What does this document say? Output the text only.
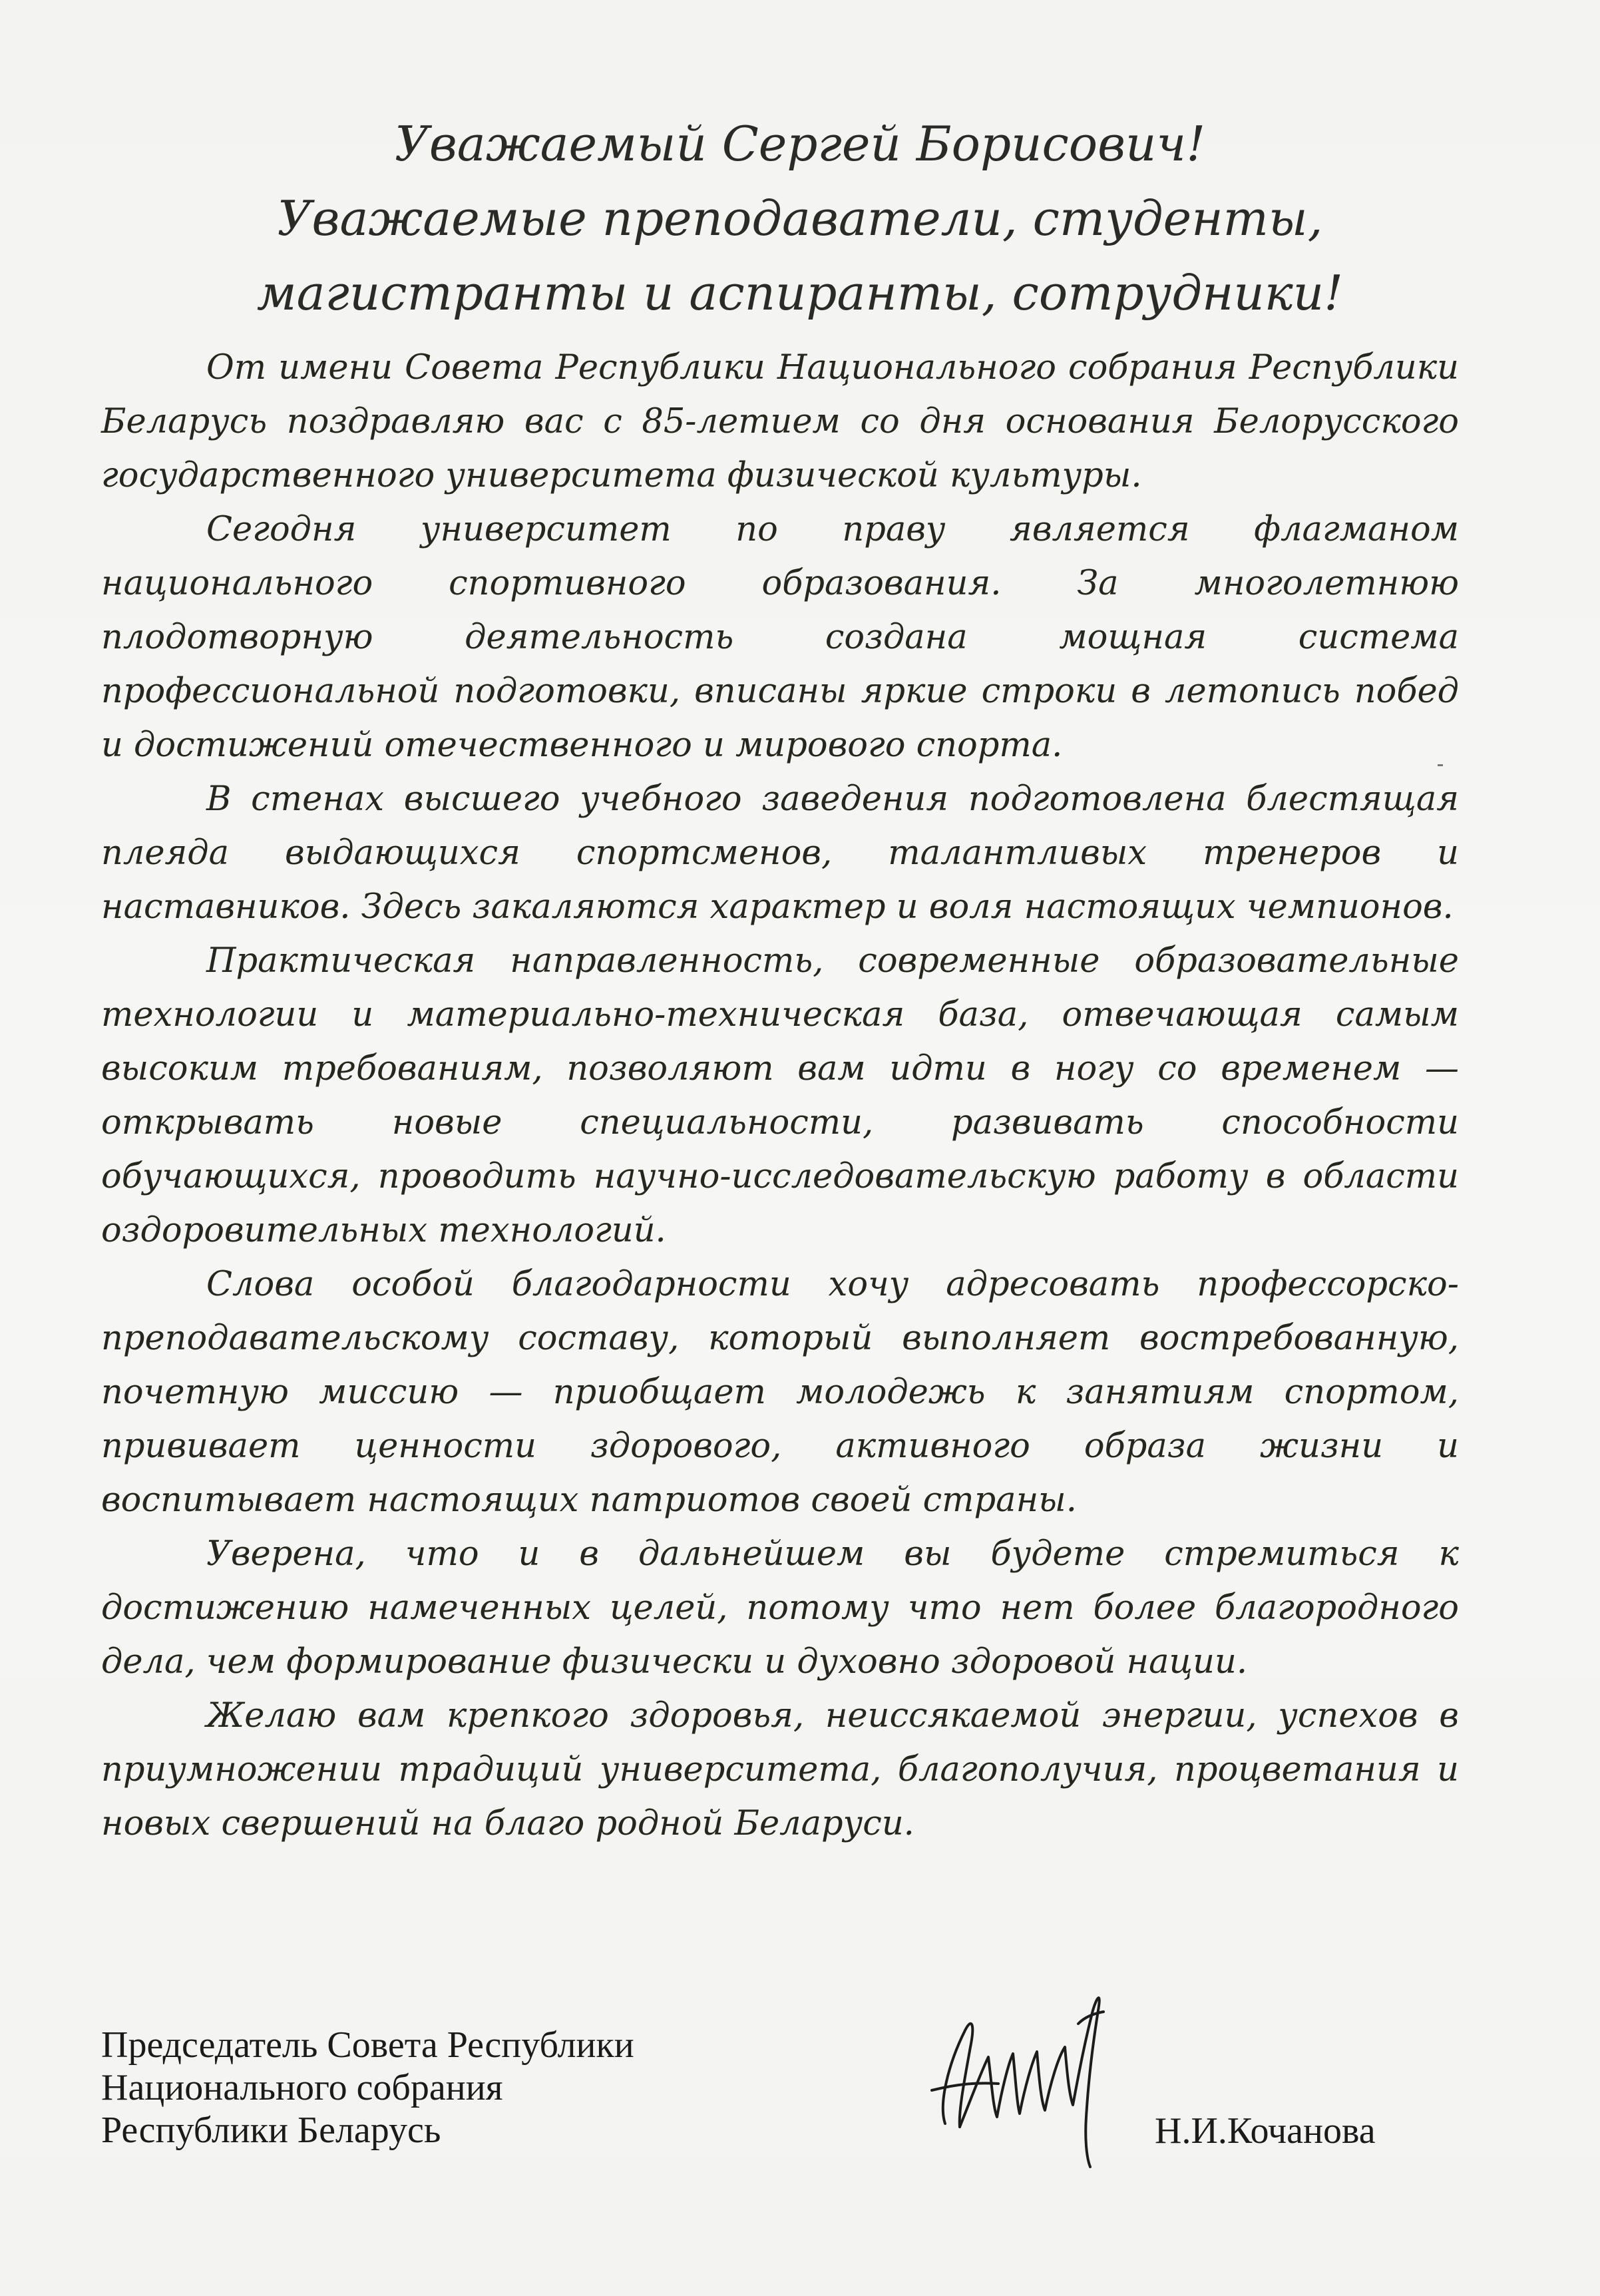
Уважаемый Сергей Борисович!
Уважаемые преподаватели, студенты,
магистранты и аспиранты, сотрудники!

От имени Совета Республики Национального собрания Республики Беларусь поздравляю вас с 85-летием со дня основания Белорусского государственного университета физической культуры.

Сегодня университет по праву является флагманом национального спортивного образования. За многолетнюю плодотворную деятельность создана мощная система профессиональной подготовки, вписаны яркие строки в летопись побед и достижений отечественного и мирового спорта.

В стенах высшего учебного заведения подготовлена блестящая плеяда выдающихся спортсменов, талантливых тренеров и наставников. Здесь закаляются характер и воля настоящих чемпионов.

Практическая направленность, современные образовательные технологии и материально-техническая база, отвечающая самым высоким требованиям, позволяют вам идти в ногу со временем — открывать новые специальности, развивать способности обучающихся, проводить научно-исследовательскую работу в области оздоровительных технологий.

Слова особой благодарности хочу адресовать профессорско-преподавательскому составу, который выполняет востребованную, почетную миссию — приобщает молодежь к занятиям спортом, прививает ценности здорового, активного образа жизни и воспитывает настоящих патриотов своей страны.

Уверена, что и в дальнейшем вы будете стремиться к достижению намеченных целей, потому что нет более благородного дела, чем формирование физически и духовно здоровой нации.

Желаю вам крепкого здоровья, неиссякаемой энергии, успехов в приумножении традиций университета, благополучия, процветания и новых свершений на благо родной Беларуси.

Председатель Совета Республики
Национального собрания
Республики Беларусь	Н.И.Кочанова
